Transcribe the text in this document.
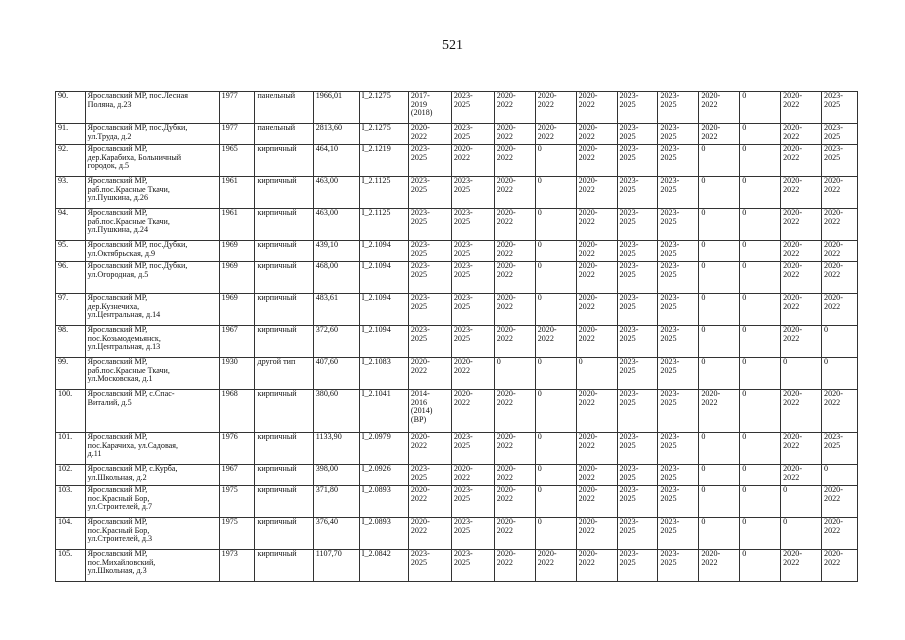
521
90.	Ярославский МР, пос.Лесная
Поляна, д.23	1977	панельный	1966,01	I_2.1275	2017-
2019
(2018)	2023-
2025	2020-
2022	2020-
2022	2020-
2022	2023-
2025	2023-
2025	2020-
2022	0	2020-
2022	2023-
2025
91.	Ярославский МР, пос.Дубки,
ул.Труда, д.2	1977	панельный	2813,60	I_2.1275	2020-
2022	2023-
2025	2020-
2022	2020-
2022	2020-
2022	2023-
2025	2023-
2025	2020-
2022	0	2020-
2022	2023-
2025
92.	Ярославский МР,
дер.Карабиха, Больничный
городок, д.5	1965	кирпичный	464,10	I_2.1219	2023-
2025	2020-
2022	2020-
2022	0	2020-
2022	2023-
2025	2023-
2025	0	0	2020-
2022	2023-
2025
93.	Ярославский МР,
раб.пос.Красные Ткачи,
ул.Пушкина, д.26	1961	кирпичный	463,00	I_2.1125	2023-
2025	2023-
2025	2020-
2022	0	2020-
2022	2023-
2025	2023-
2025	0	0	2020-
2022	2020-
2022
94.	Ярославский МР,
раб.пос.Красные Ткачи,
ул.Пушкина, д.24	1961	кирпичный	463,00	I_2.1125	2023-
2025	2023-
2025	2020-
2022	0	2020-
2022	2023-
2025	2023-
2025	0	0	2020-
2022	2020-
2022
95.	Ярославский МР, пос.Дубки,
ул.Октябрьская, д.9	1969	кирпичный	439,10	I_2.1094	2023-
2025	2023-
2025	2020-
2022	0	2020-
2022	2023-
2025	2023-
2025	0	0	2020-
2022	2020-
2022
96.	Ярославский МР, пос.Дубки,
ул.Огородная, д.5	1969	кирпичный	468,00	I_2.1094	2023-
2025	2023-
2025	2020-
2022	0	2020-
2022	2023-
2025	2023-
2025	0	0	2020-
2022	2020-
2022
97.	Ярославский МР,
дер.Кузнечиха,
ул.Центральная, д.14	1969	кирпичный	483,61	I_2.1094	2023-
2025	2023-
2025	2020-
2022	0	2020-
2022	2023-
2025	2023-
2025	0	0	2020-
2022	2020-
2022
98.	Ярославский МР,
пос.Козьмодемьянск,
ул.Центральная, д.13	1967	кирпичный	372,60	I_2.1094	2023-
2025	2023-
2025	2020-
2022	2020-
2022	2020-
2022	2023-
2025	2023-
2025	0	0	2020-
2022	0
99.	Ярославский МР,
раб.пос.Красные Ткачи,
ул.Московская, д.1	1930	другой тип	407,60	I_2.1083	2020-
2022	2020-
2022	0	0	0	2023-
2025	2023-
2025	0	0	0	0
100.	Ярославский МР, с.Спас-
Виталий, д.5	1968	кирпичный	380,60	I_2.1041	2014-
2016
(2014)
(ВР)	2020-
2022	2020-
2022	0	2020-
2022	2023-
2025	2023-
2025	2020-
2022	0	2020-
2022	2020-
2022
101.	Ярославский МР,
пос.Карачиха, ул.Садовая,
д.11	1976	кирпичный	1133,90	I_2.0979	2020-
2022	2023-
2025	2020-
2022	0	2020-
2022	2023-
2025	2023-
2025	0	0	2020-
2022	2023-
2025
102.	Ярославский МР, с.Курба,
ул.Школьная, д.2	1967	кирпичный	398,00	I_2.0926	2023-
2025	2020-
2022	2020-
2022	0	2020-
2022	2023-
2025	2023-
2025	0	0	2020-
2022	0
103.	Ярославский МР,
пос.Красный Бор,
ул.Строителей, д.7	1975	кирпичный	371,80	I_2.0893	2020-
2022	2023-
2025	2020-
2022	0	2020-
2022	2023-
2025	2023-
2025	0	0	0	2020-
2022
104.	Ярославский МР,
пос.Красный Бор,
ул.Строителей, д.3	1975	кирпичный	376,40	I_2.0893	2020-
2022	2023-
2025	2020-
2022	0	2020-
2022	2023-
2025	2023-
2025	0	0	0	2020-
2022
105.	Ярославский МР,
пос.Михайловский,
ул.Школьная, д.3	1973	кирпичный	1107,70	I_2.0842	2023-
2025	2023-
2025	2020-
2022	2020-
2022	2020-
2022	2023-
2025	2023-
2025	2020-
2022	0	2020-
2022	2020-
2022
